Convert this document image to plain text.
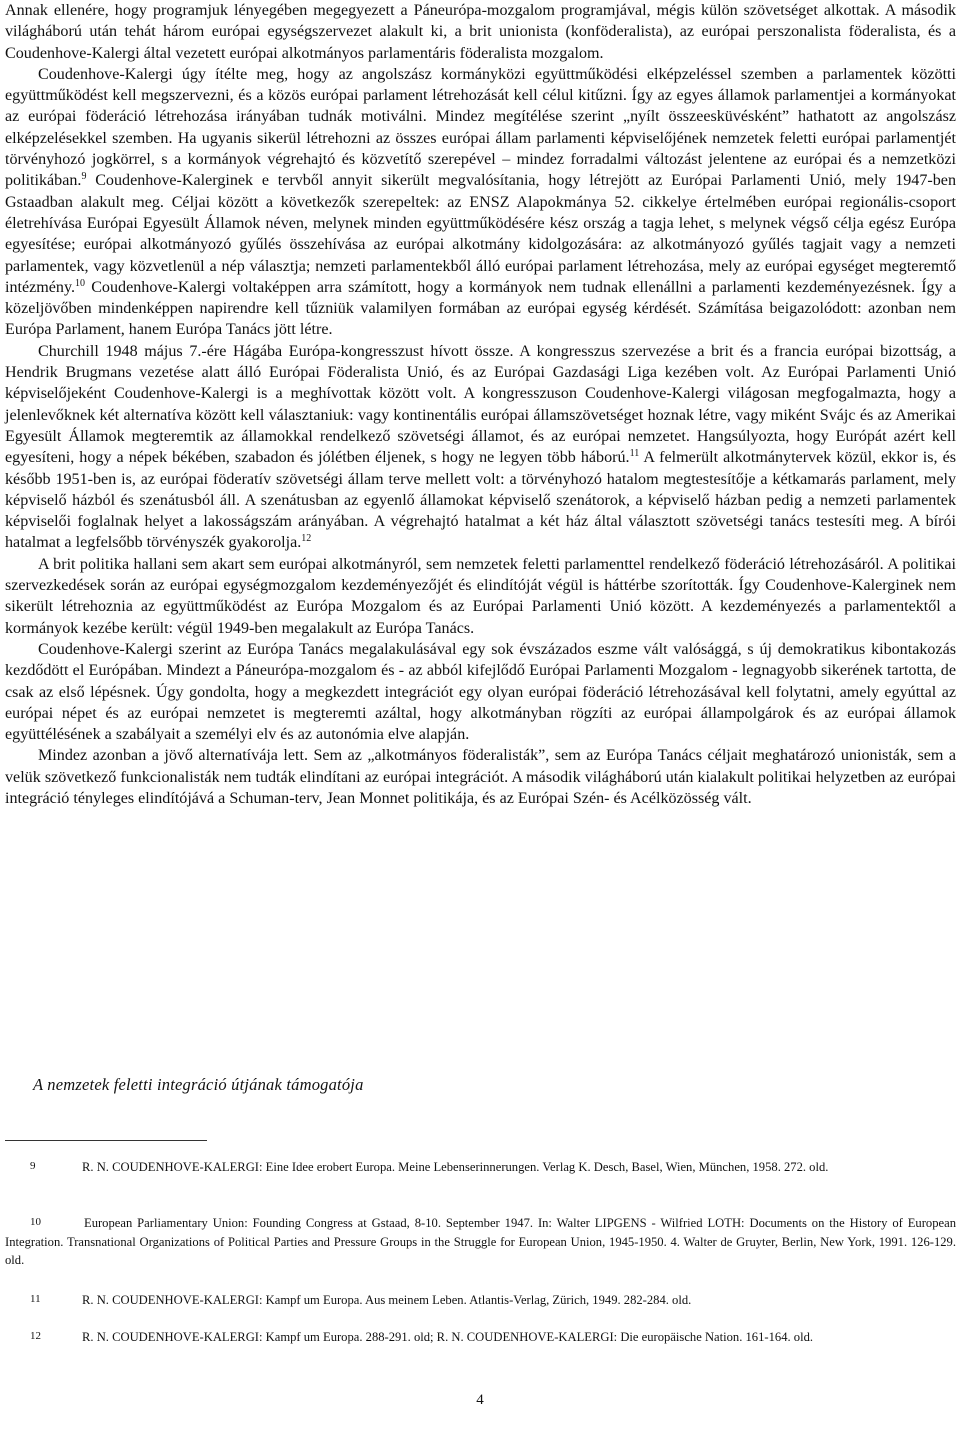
Annak ellenére, hogy programjuk lényegében megegyezett a Páneurópa-mozgalom programjával, mégis külön szövetséget alkottak. A második világháború után tehát három európai egységszervezet alakult ki, a brit unionista (konföderalista), az európai perszonalista föderalista, és a Coudenhove-Kalergi által vezetett európai alkotmányos parlamentáris föderalista mozgalom.

Coudenhove-Kalergi úgy ítélte meg, hogy az angolszász kormányközi együttműködési elképzeléssel szemben a parlamentek közötti együttműködést kell megszervezni, és a közös európai parlament létrehozását kell célul kitűzni. Így az egyes államok parlamentjei a kormányokat az európai föderáció létrehozása irányában tudnák motiválni. Mindez megítélése szerint „nyílt összeesküvésként” hathatott az angolszász elképzelésekkel szemben. Ha ugyanis sikerül létrehozni az összes európai állam parlamenti képviselőjének nemzetek feletti európai parlamentjét törvényhozó jogkörrel, s a kormányok végrehajtó és közvetítő szerepével – mindez forradalmi változást jelentene az európai és a nemzetközi politikában.$^9$ Coudenhove-Kalerginek e tervből annyit sikerült megvalósítania, hogy létrejött az Európai Parlamenti Unió, mely 1947-ben Gstaadban alakult meg. Céljai között a következők szerepeltek: az ENSZ Alapokmánya 52. cikkelye értelmében európai regionális-csoport életrehívása Európai Egyesült Államok néven, melynek minden együttműködésére kész ország a tagja lehet, s melynek végső célja egész Európa egyesítése; európai alkotmányozó gyűlés összehívása az európai alkotmány kidolgozására: az alkotmányozó gyűlés tagjait vagy a nemzeti parlamentek, vagy közvetlenül a nép választja; nemzeti parlamentekből álló európai parlament létrehozása, mely az európai egységet megteremtő intézmény.$^{10}$ Coudenhove-Kalergi voltaképpen arra számított, hogy a kormányok nem tudnak ellenállni a parlamenti kezdeményezésnek. Így a közeljövőben mindenképpen napirendre kell tűzniük valamilyen formában az európai egység kérdését. Számítása beigazolódott: azonban nem Európa Parlament, hanem Európa Tanács jött létre.

Churchill 1948 május 7.-ére Hágába Európa-kongresszust hívott össze. A kongresszus szervezése a brit és a francia európai bizottság, a Hendrik Brugmans vezetése alatt álló Európai Föderalista Unió, és az Európai Gazdasági Liga kezében volt. Az Európai Parlamenti Unió képviselőjeként Coudenhove-Kalergi is a meghívottak között volt. A kongresszuson Coudenhove-Kalergi világosan megfogalmazta, hogy a jelenlevőknek két alternatíva között kell választaniuk: vagy kontinentális európai államszövetséget hoznak létre, vagy miként Svájc és az Amerikai Egyesült Államok megteremtik az államokkal rendelkező szövetségi államot, és az európai nemzetet. Hangsúlyozta, hogy Európát azért kell egyesíteni, hogy a népek békében, szabadon és jólétben éljenek, s hogy ne legyen több háború.$^{11}$ A felmerült alkotmánytervek közül, ekkor is, és később 1951-ben is, az európai föderatív szövetségi állam terve mellett volt: a törvényhozó hatalom megtestesítője a kétkamarás parlament, mely képviselő házból és szenátusból áll. A szenátusban az egyenlő államokat képviselő szenátorok, a képviselő házban pedig a nemzeti parlamentek képviselői foglalnak helyet a lakosságszám arányában. A végrehajtó hatalmat a két ház által választott szövetségi tanács testesíti meg. A bírói hatalmat a legfelsőbb törvényszék gyakorolja.$^{12}$

A brit politika hallani sem akart sem európai alkotmányról, sem nemzetek feletti parlamenttel rendelkező föderáció létrehozásáról. A politikai szervezkedések során az európai egységmozgalom kezdeményezőjét és elindítóját végül is háttérbe szorították. Így Coudenhove-Kalerginek nem sikerült létrehoznia az együttműködést az Európa Mozgalom és az Európai Parlamenti Unió között. A kezdeményezés a parlamentektől a kormányok kezébe került: végül 1949-ben megalakult az Európa Tanács.

Coudenhove-Kalergi szerint az Európa Tanács megalakulásával egy sok évszázados eszme vált valósággá, s új demokratikus kibontakozás kezdődött el Európában. Mindezt a Páneurópa-mozgalom és - az abból kifejlődő Európai Parlamenti Mozgalom - legnagyobb sikerének tartotta, de csak az első lépésnek. Úgy gondolta, hogy a megkezdett integrációt egy olyan európai föderáció létrehozásával kell folytatni, amely egyúttal az európai népet és az európai nemzetet is megteremti azáltal, hogy alkotmányban rögzíti az európai állampolgárok és az európai államok együttélésének a szabályait a személyi elv és az autonómia elve alapján.

Mindez azonban a jövő alternatívája lett. Sem az „alkotmányos föderalisták”, sem az Európa Tanács céljait meghatározó unionisták, sem a velük szövetkező funkcionalisták nem tudták elindítani az európai integrációt. A második világháború után kialakult politikai helyzetben az európai integráció tényleges elindítójává a Schuman-terv, Jean Monnet politikája, és az Európai Szén- és Acélközösség vált.

A nemzetek feletti integráció útjának támogatója
9	R. N. COUDENHOVE-KALERGI: Eine Idee erobert Europa. Meine Lebenserinnerungen. Verlag K. Desch, Basel, Wien, München, 1958. 272. old.
10	European Parliamentary Union: Founding Congress at Gstaad, 8-10. September 1947. In: Walter LIPGENS - Wilfried LOTH: Documents on the History of European Integration. Transnational Organizations of Political Parties and Pressure Groups in the Struggle for European Union, 1945-1950. 4. Walter de Gruyter, Berlin, New York, 1991. 126-129. old.
11	R. N. COUDENHOVE-KALERGI: Kampf um Europa. Aus meinem Leben. Atlantis-Verlag, Zürich, 1949. 282-284. old.
12	R. N. COUDENHOVE-KALERGI: Kampf um Europa. 288-291. old; R. N. COUDENHOVE-KALERGI: Die europäische Nation. 161-164. old.
4
